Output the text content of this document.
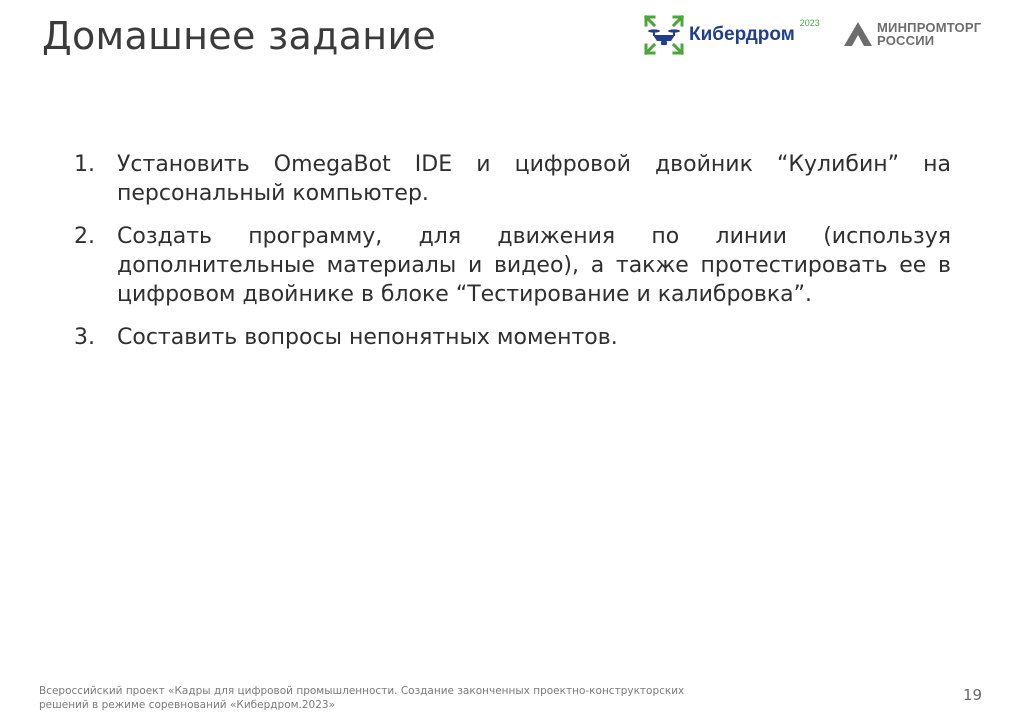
Домашнее задание	Кибердром
2023	МИНПРОМТОРГ
РОССИИ
1. Установить OmegaBot IDE и цифровой двойник “Кулибин” на персональный компьютер.
2. Создать программу, для движения по линии (используя дополнительные материалы и видео), а также протестировать ее в цифровом двойнике в блоке “Тестирование и калибровка”.
3. Составить вопросы непонятных моментов.
Всероссийский проект «Кадры для цифровой промышленности. Создание законченных проектно-конструкторских
решений в режиме соревнований «Кибердром.2023»
19
